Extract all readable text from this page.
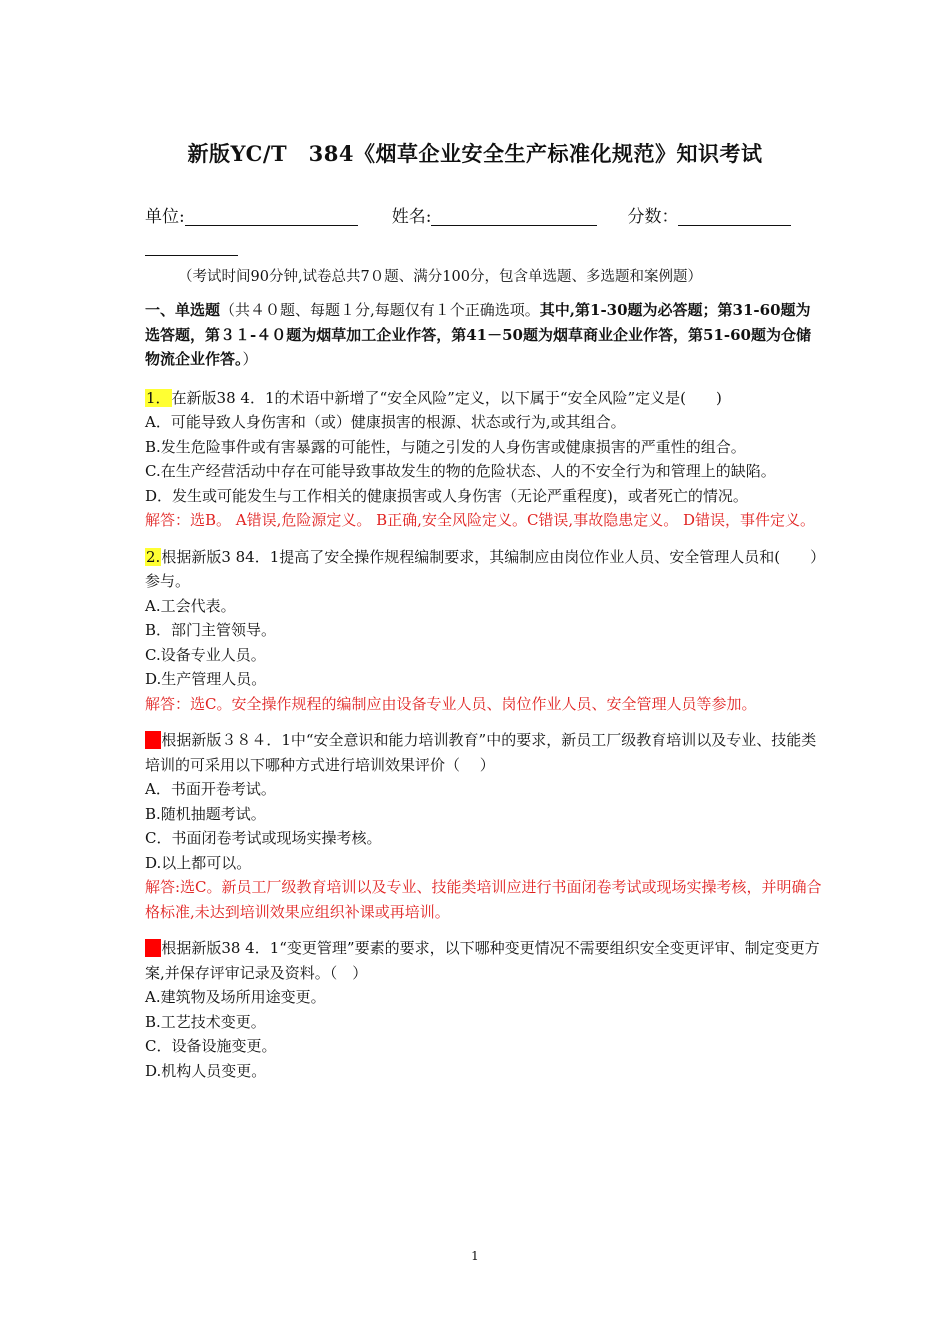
新版YC/T　384《烟草企业安全生产标准化规范》知识考试
单位:	姓名:	分数：

（考试时间90分钟,试卷总共7０题、满分100分，包含单选题、多选题和案例题）

一、单选题（共４０题、每题１分,每题仅有１个正确选项。其中,第1-30题为必答题；第31-60题为选答题，第３１-４０题为烟草加工企业作答，第41－50题为烟草商业企业作答，第51-60题为仓储物流企业作答。）

1．在新版38 4．1的术语中新增了“安全风险”定义，以下属于“安全风险”定义是(　　)

A．可能导致人身伤害和（或）健康损害的根源、状态或行为,或其组合。

B.发生危险事件或有害暴露的可能性，与随之引发的人身伤害或健康损害的严重性的组合。

C.在生产经营活动中存在可能导致事故发生的物的危险状态、人的不安全行为和管理上的缺陷。

D．发生或可能发生与工作相关的健康损害或人身伤害（无论严重程度)，或者死亡的情况。

解答：选B。 A错误,危险源定义。 B正确,安全风险定义。C错误,事故隐患定义。 D错误，事件定义。

2.根据新版3 84．1提高了安全操作规程编制要求，其编制应由岗位作业人员、安全管理人员和(　　）参与。

A.工会代表。

B．部门主管领导。

C.设备专业人员。

D.生产管理人员。

解答：选C。安全操作规程的编制应由设备专业人员、岗位作业人员、安全管理人员等参加。

3.根据新版３８４．1中“安全意识和能力培训教育”中的要求，新员工厂级教育培训以及专业、技能类培训的可采用以下哪种方式进行培训效果评价（　 ）

A．书面开卷考试。

B.随机抽题考试。

C．书面闭卷考试或现场实操考核。

D.以上都可以。

解答:选C。新员工厂级教育培训以及专业、技能类培训应进行书面闭卷考试或现场实操考核，并明确合格标准,未达到培训效果应组织补课或再培训。

4.根据新版38 4．1“变更管理”要素的要求，以下哪种变更情况不需要组织安全变更评审、制定变更方案,并保存评审记录及资料。（　）

A.建筑物及场所用途变更。

B.工艺技术变更。

C．设备设施变更。

D.机构人员变更。

1
